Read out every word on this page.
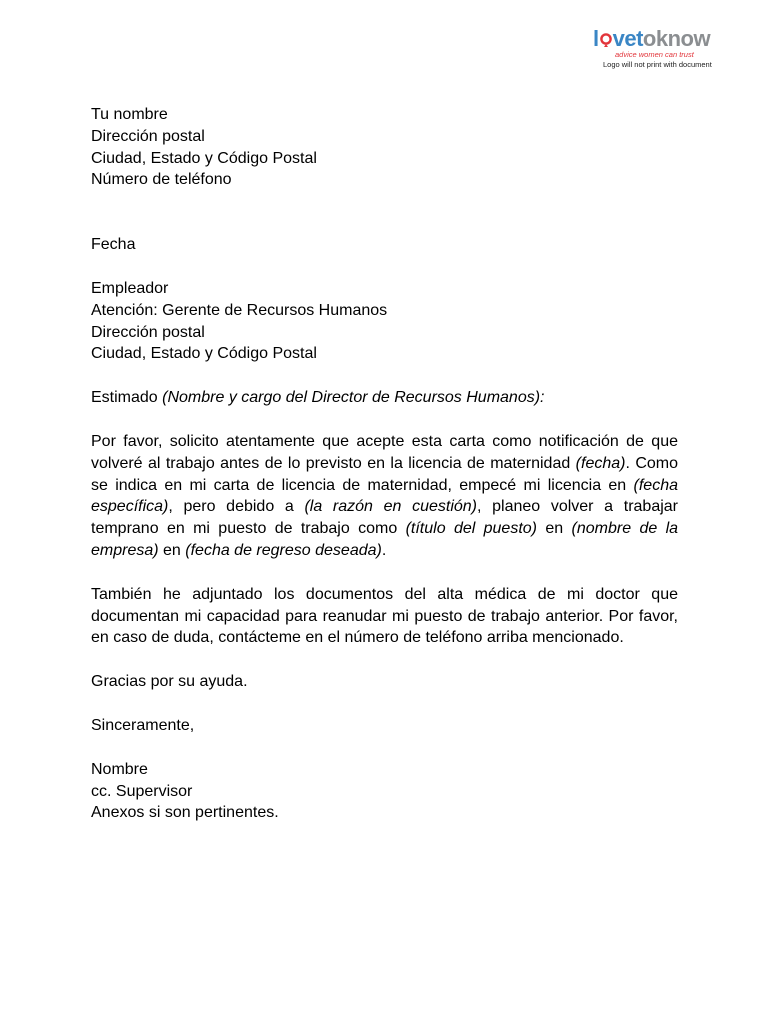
l vet oknow
advice women can trust
Logo will not print with document

Tu nombre

Dirección postal

Ciudad, Estado y Código Postal

Número de teléfono

Fecha

Empleador

Atención: Gerente de Recursos Humanos

Dirección postal

Ciudad, Estado y Código Postal

Estimado (Nombre y cargo del Director de Recursos Humanos):

Por favor, solicito atentamente que acepte esta carta como notificación de que volveré al trabajo antes de lo previsto en la licencia de maternidad (fecha). Como se indica en mi carta de licencia de maternidad, empecé mi licencia en (fecha específica), pero debido a (la razón en cuestión), planeo volver a trabajar temprano en mi puesto de trabajo como (título del puesto) en (nombre de la empresa) en (fecha de regreso deseada).

También he adjuntado los documentos del alta médica de mi doctor que documentan mi capacidad para reanudar mi puesto de trabajo anterior. Por favor, en caso de duda, contácteme en el número de teléfono arriba mencionado.

Gracias por su ayuda.

Sinceramente,

Nombre

cc. Supervisor

Anexos si son pertinentes.
